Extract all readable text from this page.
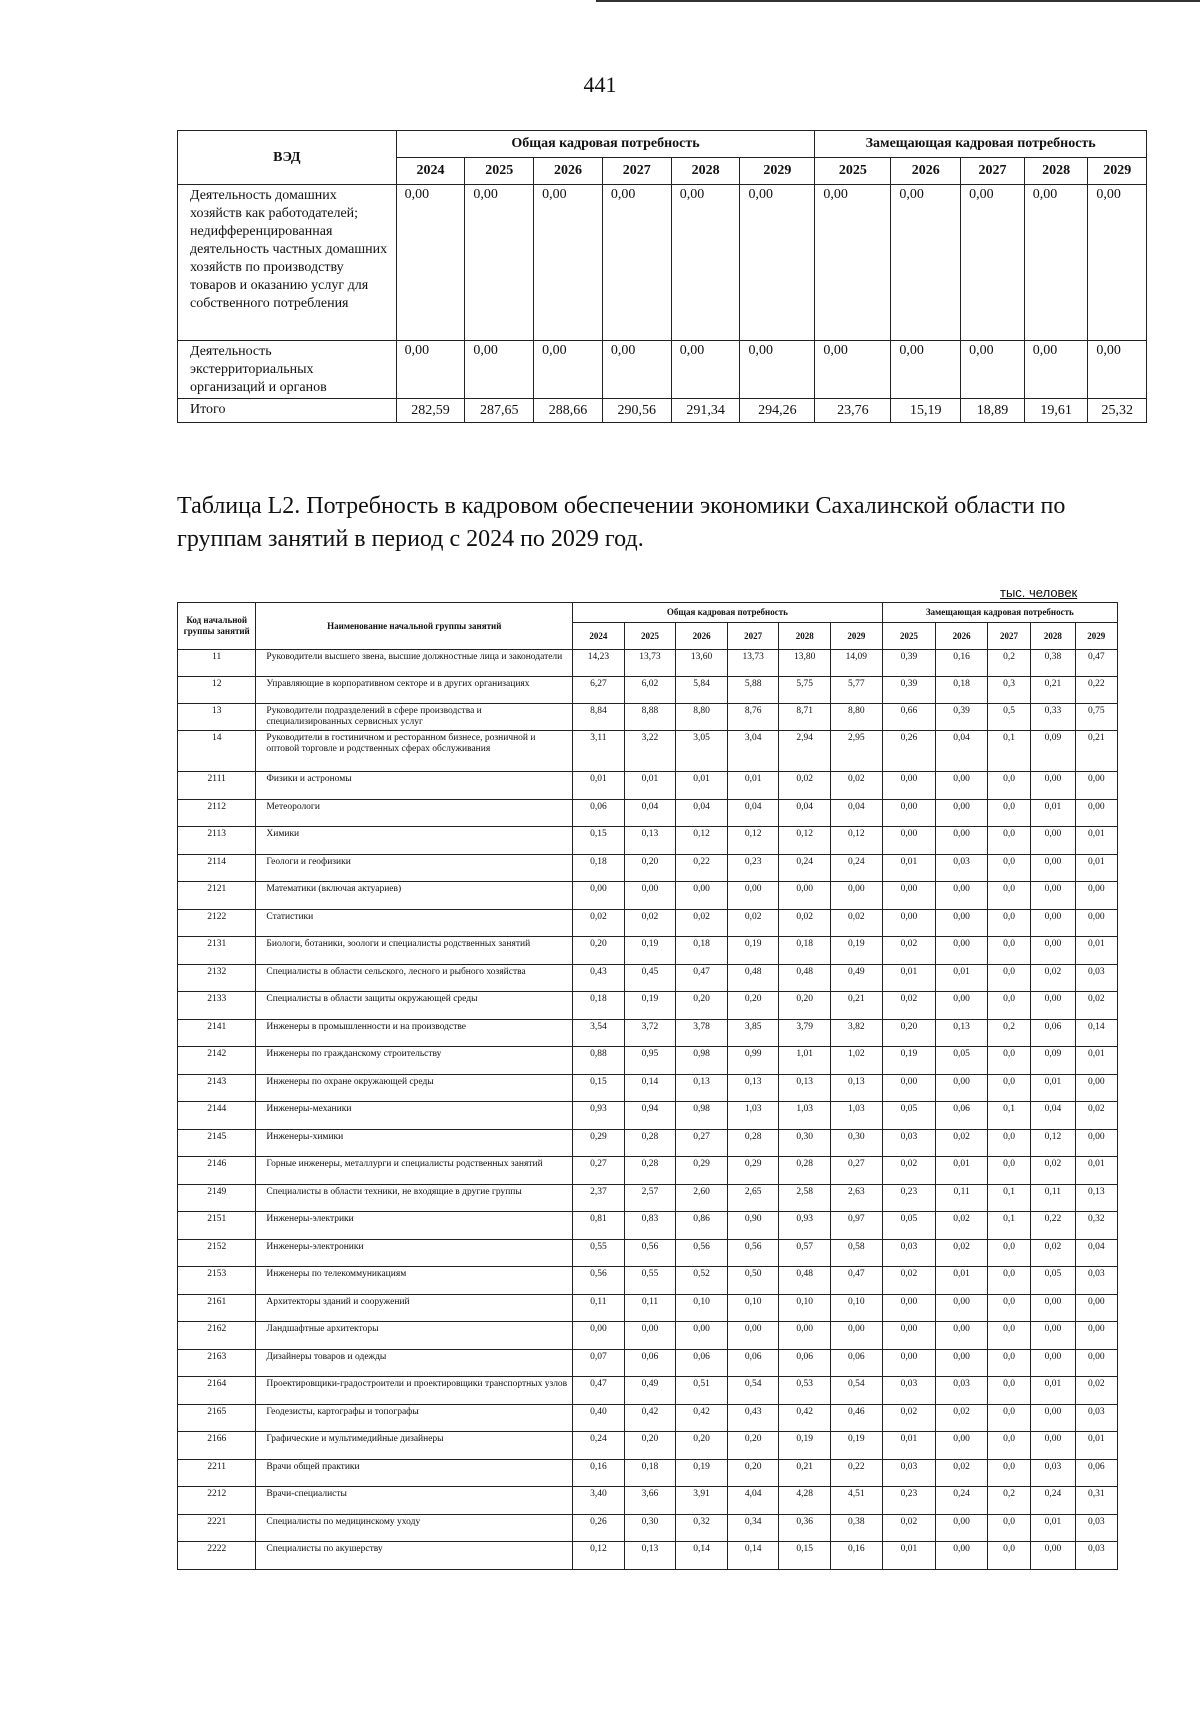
441
ВЭД	Общая кадровая потребность						Замещающая кадровая потребность				
	2024	2025	2026	2027	2028	2029	2025	2026	2027	2028	2029
Деятельность домашних хозяйств как работодателей; недифференцированная деятельность частных домашних хозяйств по производству товаров и оказанию услуг для собственного потребления	0,00	0,00	0,00	0,00	0,00	0,00	0,00	0,00	0,00	0,00	0,00
Деятельность экстерриториальных организаций и органов	0,00	0,00	0,00	0,00	0,00	0,00	0,00	0,00	0,00	0,00	0,00
Итого	282,59	287,65	288,66	290,56	291,34	294,26	23,76	15,19	18,89	19,61	25,32
Таблица L2. Потребность в кадровом обеспечении экономики Сахалинской области по группам занятий в период с 2024 по 2029 год.
тыс. человек
Код начальной группы занятий	Наименование начальной группы занятий	Общая кадровая потребность						Замещающая кадровая потребность				
		2024	2025	2026	2027	2028	2029	2025	2026	2027	2028	2029
11	Руководители высшего звена, высшие должностные лица и законодатели	14,23	13,73	13,60	13,73	13,80	14,09	0,39	0,16	0,2	0,38	0,47
12	Управляющие в корпоративном секторе и в других организациях	6,27	6,02	5,84	5,88	5,75	5,77	0,39	0,18	0,3	0,21	0,22
13	Руководители подразделений в сфере производства и специализированных сервисных услуг	8,84	8,88	8,80	8,76	8,71	8,80	0,66	0,39	0,5	0,33	0,75
14	Руководители в гостиничном и ресторанном бизнесе, розничной и оптовой торговле и родственных сферах обслуживания	3,11	3,22	3,05	3,04	2,94	2,95	0,26	0,04	0,1	0,09	0,21
2111	Физики и астрономы	0,01	0,01	0,01	0,01	0,02	0,02	0,00	0,00	0,0	0,00	0,00
2112	Метеорологи	0,06	0,04	0,04	0,04	0,04	0,04	0,00	0,00	0,0	0,01	0,00
2113	Химики	0,15	0,13	0,12	0,12	0,12	0,12	0,00	0,00	0,0	0,00	0,01
2114	Геологи и геофизики	0,18	0,20	0,22	0,23	0,24	0,24	0,01	0,03	0,0	0,00	0,01
2121	Математики (включая актуариев)	0,00	0,00	0,00	0,00	0,00	0,00	0,00	0,00	0,0	0,00	0,00
2122	Статистики	0,02	0,02	0,02	0,02	0,02	0,02	0,00	0,00	0,0	0,00	0,00
2131	Биологи, ботаники, зоологи и специалисты родственных занятий	0,20	0,19	0,18	0,19	0,18	0,19	0,02	0,00	0,0	0,00	0,01
2132	Специалисты в области сельского, лесного и рыбного хозяйства	0,43	0,45	0,47	0,48	0,48	0,49	0,01	0,01	0,0	0,02	0,03
2133	Специалисты в области защиты окружающей среды	0,18	0,19	0,20	0,20	0,20	0,21	0,02	0,00	0,0	0,00	0,02
2141	Инженеры в промышленности и на производстве	3,54	3,72	3,78	3,85	3,79	3,82	0,20	0,13	0,2	0,06	0,14
2142	Инженеры по гражданскому строительству	0,88	0,95	0,98	0,99	1,01	1,02	0,19	0,05	0,0	0,09	0,01
2143	Инженеры по охране окружающей среды	0,15	0,14	0,13	0,13	0,13	0,13	0,00	0,00	0,0	0,01	0,00
2144	Инженеры-механики	0,93	0,94	0,98	1,03	1,03	1,03	0,05	0,06	0,1	0,04	0,02
2145	Инженеры-химики	0,29	0,28	0,27	0,28	0,30	0,30	0,03	0,02	0,0	0,12	0,00
2146	Горные инженеры, металлурги и специалисты родственных занятий	0,27	0,28	0,29	0,29	0,28	0,27	0,02	0,01	0,0	0,02	0,01
2149	Специалисты в области техники, не входящие в другие группы	2,37	2,57	2,60	2,65	2,58	2,63	0,23	0,11	0,1	0,11	0,13
2151	Инженеры-электрики	0,81	0,83	0,86	0,90	0,93	0,97	0,05	0,02	0,1	0,22	0,32
2152	Инженеры-электроники	0,55	0,56	0,56	0,56	0,57	0,58	0,03	0,02	0,0	0,02	0,04
2153	Инженеры по телекоммуникациям	0,56	0,55	0,52	0,50	0,48	0,47	0,02	0,01	0,0	0,05	0,03
2161	Архитекторы зданий и сооружений	0,11	0,11	0,10	0,10	0,10	0,10	0,00	0,00	0,0	0,00	0,00
2162	Ландшафтные архитекторы	0,00	0,00	0,00	0,00	0,00	0,00	0,00	0,00	0,0	0,00	0,00
2163	Дизайнеры товаров и одежды	0,07	0,06	0,06	0,06	0,06	0,06	0,00	0,00	0,0	0,00	0,00
2164	Проектировщики-градостроители и проектировщики транспортных узлов	0,47	0,49	0,51	0,54	0,53	0,54	0,03	0,03	0,0	0,01	0,02
2165	Геодезисты, картографы и топографы	0,40	0,42	0,42	0,43	0,42	0,46	0,02	0,02	0,0	0,00	0,03
2166	Графические и мультимедийные дизайнеры	0,24	0,20	0,20	0,20	0,19	0,19	0,01	0,00	0,0	0,00	0,01
2211	Врачи общей практики	0,16	0,18	0,19	0,20	0,21	0,22	0,03	0,02	0,0	0,03	0,06
2212	Врачи-специалисты	3,40	3,66	3,91	4,04	4,28	4,51	0,23	0,24	0,2	0,24	0,31
2221	Специалисты по медицинскому уходу	0,26	0,30	0,32	0,34	0,36	0,38	0,02	0,00	0,0	0,01	0,03
2222	Специалисты по акушерству	0,12	0,13	0,14	0,14	0,15	0,16	0,01	0,00	0,0	0,00	0,03
